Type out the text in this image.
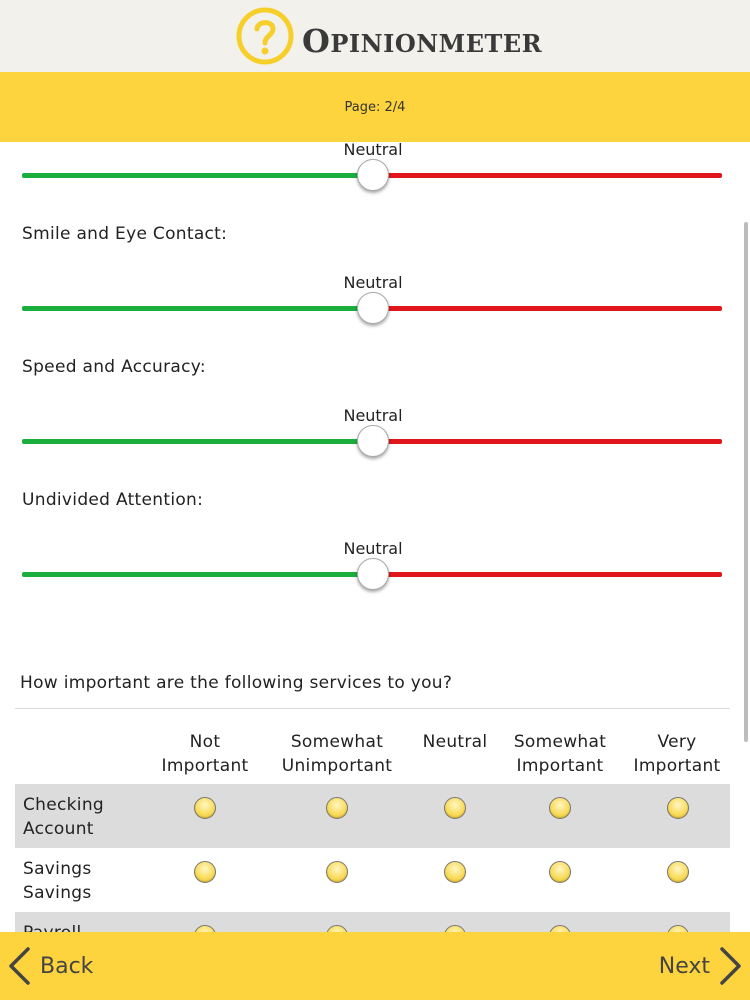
OPINIONMETER
Page: 2/4
Neutral
Smile and Eye Contact:
Neutral
Speed and Accuracy:
Neutral
Undivided Attention:
Neutral
How important are the following services to you?
Not
Important
Somewhat
Unimportant
Neutral	Somewhat
Important
Very
Important
Checking
Account
Savings
Savings
Back	Next
